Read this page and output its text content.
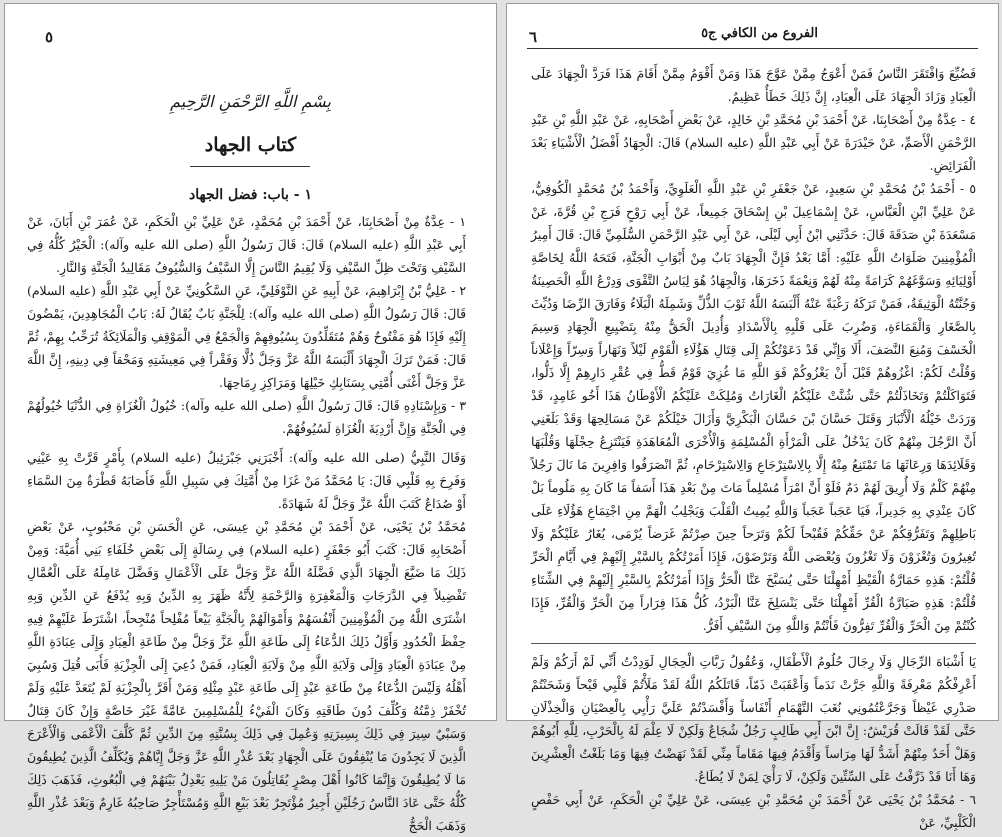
٥
بِسْمِ اللَّهِ الرَّحْمَنِ الرَّحِيمِ
كتاب الجهاد
١ - باب: فضل الجهاد

١ - عِدَّةٌ مِنْ أَصْحَابِنَا، عَنْ أَحْمَدَ بْنِ مُحَمَّدٍ، عَنْ عَلِيِّ بْنِ الْحَكَمِ، عَنْ عُمَرَ بْنِ أَبَانَ، عَنْ أَبِي عَبْدِ اللَّهِ (عليه السلام) قَالَ: قَالَ رَسُولُ اللَّهِ (صلى الله عليه وآله): الْخَيْرُ كُلُّهُ فِي السَّيْفِ وَتَحْتَ ظِلِّ السَّيْفِ وَلَا يُقِيمُ النَّاسَ إِلَّا السَّيْفُ وَالسُّيُوفُ مَقَالِيدُ الْجَنَّةِ وَالنَّارِ.

٢ - عَلِيُّ بْنُ إِبْرَاهِيمَ، عَنْ أَبِيهِ عَنِ النَّوْفَلِيِّ، عَنِ السَّكُونِيِّ عَنْ أَبِي عَبْدِ اللَّهِ (عليه السلام) قَالَ: قَالَ رَسُولُ اللَّهِ (صلى الله عليه وآله): لِلْجَنَّةِ بَابٌ يُقَالُ لَهُ: بَابُ الْمُجَاهِدِينَ، يَمْضُونَ إِلَيْهِ فَإِذَا هُوَ مَفْتُوحٌ وَهُمْ مُتَقَلِّدُونَ بِسُيُوفِهِمْ وَالْجَمْعُ فِي الْمَوْقِفِ وَالْمَلَائِكَةُ تُرَحِّبُ بِهِمْ، ثُمَّ قَالَ: فَمَنْ تَرَكَ الْجِهَادَ أَلْبَسَهُ اللَّهُ عَزَّ وَجَلَّ ذُلًّا وَفَقْراً فِي مَعِيشَتِهِ وَمَحْقاً فِي دِينِهِ، إِنَّ اللَّهَ عَزَّ وَجَلَّ أَغْنَى أُمَّتِي بِسَنَابِكِ خَيْلِهَا وَمَرَاكِزِ رِمَاحِهَا.

٣ - وَبِإِسْنَادِهِ قَالَ: قَالَ رَسُولُ اللَّهِ (صلى الله عليه وآله): خُيُولُ الْغُزَاةِ فِي الدُّنْيَا خُيُولُهُمْ فِي الْجَنَّةِ وَإِنَّ أَرْدِيَةَ الْغُزَاةِ لَسُيُوفُهُمْ.

وَقَالَ النَّبِيُّ (صلى الله عليه وآله): أَخْبَرَنِي جَبْرَئِيلُ (عليه السلام) بِأَمْرٍ قَرَّتْ بِهِ عَيْنِي وَفَرِحَ بِهِ قَلْبِي قَالَ: يَا مُحَمَّدُ مَنْ غَزَا مِنْ أُمَّتِكَ فِي سَبِيلِ اللَّهِ فَأَصَابَهُ قَطْرَةٌ مِنَ السَّمَاءِ أَوْ صُدَاعٌ كَتَبَ اللَّهُ عَزَّ وَجَلَّ لَهُ شَهَادَةً.

مُحَمَّدُ بْنُ يَحْيَى، عَنْ أَحْمَدَ بْنِ مُحَمَّدِ بْنِ عِيسَى، عَنِ الْحَسَنِ بْنِ مَحْبُوبٍ، عَنْ بَعْضِ أَصْحَابِهِ قَالَ: كَتَبَ أَبُو جَعْفَرٍ (عليه السلام) فِي رِسَالَةٍ إِلَى بَعْضِ خُلَفَاءِ بَنِي أُمَيَّةَ: وَمِنْ ذَلِكَ مَا ضَيَّعَ الْجِهَادَ الَّذِي فَضَّلَهُ اللَّهُ عَزَّ وَجَلَّ عَلَى الْأَعْمَالِ وَفَضَّلَ عَامِلَهُ عَلَى الْعُمَّالِ تَفْضِيلاً فِي الدَّرَجَاتِ وَالْمَغْفِرَةِ وَالرَّحْمَةِ لِأَنَّهُ ظَهَرَ بِهِ الدِّينُ وَبِهِ يُدْفَعُ عَنِ الدِّينِ وَبِهِ اشْتَرَى اللَّهُ مِنَ الْمُؤْمِنِينَ أَنْفُسَهُمْ وَأَمْوَالَهُمْ بِالْجَنَّةِ بَيْعاً مُفْلِحاً مُنْجِحاً، اشْتَرَطَ عَلَيْهِمْ فِيهِ حِفْظَ الْحُدُودِ وَأَوَّلُ ذَلِكَ الدُّعَاءُ إِلَى طَاعَةِ اللَّهِ عَزَّ وَجَلَّ مِنْ طَاعَةِ الْعِبَادِ وَإِلَى عِبَادَةِ اللَّهِ مِنْ عِبَادَةِ الْعِبَادِ وَإِلَى وَلَايَةِ اللَّهِ مِنْ وَلَايَةِ الْعِبَادِ، فَمَنْ دُعِيَ إِلَى الْجِزْيَةِ فَأَبَى قُتِلَ وَسُبِيَ أَهْلُهُ وَلَيْسَ الدُّعَاءُ مِنْ طَاعَةِ عَبْدٍ إِلَى طَاعَةِ عَبْدٍ مِثْلِهِ وَمَنْ أَقَرَّ بِالْجِزْيَةِ لَمْ يُتَعَدَّ عَلَيْهِ وَلَمْ تُخْفَرْ ذِمَّتُهُ وَكُلِّفَ دُونَ طَاقَتِهِ وَكَانَ الْفَيْءُ لِلْمُسْلِمِينَ عَامَّةً غَيْرَ خَاصَّةٍ وَإِنْ كَانَ قِتَالٌ وَسَبْيٌ سِيرَ فِي ذَلِكَ بِسِيرَتِهِ وَعُمِلَ فِي ذَلِكَ بِسُنَّتِهِ مِنَ الدِّينِ ثُمَّ كَلَّفَ الْأَعْمَى وَالْأَعْرَجَ الَّذِينَ لَا يَجِدُونَ مَا يُنْفِقُونَ عَلَى الْجِهَادِ بَعْدَ عُذْرِ اللَّهِ عَزَّ وَجَلَّ إِيَّاهُمْ وَيُكَلِّفُ الَّذِينَ يُطِيقُونَ مَا لَا يُطِيقُونَ وَإِنَّمَا كَانُوا أَهْلَ مِصْرٍ يُقَاتِلُونَ مَنْ يَلِيهِ يَعْدِلُ بَيْنَهُمْ فِي الْبُعُوثِ، فَذَهَبَ ذَلِكَ كُلُّهُ حَتَّى عَادَ النَّاسُ رَجُلَيْنِ أَجِيرٌ مُؤْتَجِرٌ بَعْدَ بَيْعِ اللَّهِ وَمُسْتَأْجِرٌ صَاحِبُهُ غَارِمٌ وَبَعْدَ عُذْرِ اللَّهِ وَذَهَبَ الْحَجُّ

٦	الفروع من الكافي ج٥

فَضُيِّعَ وَافْتَقَرَ النَّاسُ فَمَنْ أَعْوَجُ مِمَّنْ عَوَّجَ هَذَا وَمَنْ أَقْوَمُ مِمَّنْ أَقَامَ هَذَا فَرَدَّ الْجِهَادَ عَلَى الْعِبَادِ وَزَادَ الْجِهَادَ عَلَى الْعِبَادِ، إِنَّ ذَلِكَ خَطَأٌ عَظِيمٌ.

٤ - عِدَّةٌ مِنْ أَصْحَابِنَا، عَنْ أَحْمَدَ بْنِ مُحَمَّدِ بْنِ خَالِدٍ، عَنْ بَعْضِ أَصْحَابِهِ، عَنْ عَبْدِ اللَّهِ بْنِ عَبْدِ الرَّحْمَنِ الْأَصَمِّ، عَنْ حَيْدَرَةَ عَنْ أَبِي عَبْدِ اللَّهِ (عليه السلام) قَالَ: الْجِهَادُ أَفْضَلُ الْأَشْيَاءِ بَعْدَ الْفَرَائِضِ.

٥ - أَحْمَدُ بْنُ مُحَمَّدِ بْنِ سَعِيدٍ، عَنْ جَعْفَرِ بْنِ عَبْدِ اللَّهِ الْعَلَوِيِّ، وَأَحْمَدُ بْنُ مُحَمَّدٍ الْكُوفِيُّ، عَنْ عَلِيِّ ابْنِ الْعَبَّاسِ، عَنْ إِسْمَاعِيلَ بْنِ إِسْحَاقَ جَمِيعاً، عَنْ أَبِي رَوْحٍ فَرَجِ بْنِ قُرَّةَ، عَنْ مَسْعَدَةَ بْنِ صَدَقَةَ قَالَ: حَدَّثَنِي ابْنُ أَبِي لَيْلَى، عَنْ أَبِي عَبْدِ الرَّحْمَنِ السُّلَمِيِّ قَالَ: قَالَ أَمِيرُ الْمُؤْمِنِينَ صَلَوَاتُ اللَّهِ عَلَيْهِ: أَمَّا بَعْدُ فَإِنَّ الْجِهَادَ بَابٌ مِنْ أَبْوَابِ الْجَنَّةِ، فَتَحَهُ اللَّهُ لِخَاصَّةِ أَوْلِيَائِهِ وَسَوَّغَهُمْ كَرَامَةً مِنْهُ لَهُمْ وَنِعْمَةً ذَخَرَهَا، وَالْجِهَادُ هُوَ لِبَاسُ التَّقْوَى وَدِرْعُ اللَّهِ الْحَصِينَةُ وَجُنَّتُهُ الْوَثِيقَةُ، فَمَنْ تَرَكَهُ رَغْبَةً عَنْهُ أَلْبَسَهُ اللَّهُ ثَوْبَ الذُّلِّ وَشَمِلَهُ الْبَلَاءُ وَفَارَقَ الرِّضَا وَدُيِّثَ بِالصَّغَارِ وَالْقَمَاءَةِ، وَضُرِبَ عَلَى قَلْبِهِ بِالْأَسْدَادِ وَأُدِيلَ الْحَقُّ مِنْهُ بِتَضْيِيعِ الْجِهَادِ وَسِيمَ الْخَسْفَ وَمُنِعَ النَّصَفَ، أَلَا وَإِنِّي قَدْ دَعَوْتُكُمْ إِلَى قِتَالِ هَؤُلَاءِ الْقَوْمِ لَيْلاً وَنَهَاراً وَسِرّاً وَإِعْلَاناً وَقُلْتُ لَكُمْ: اغْزُوهُمْ قَبْلَ أَنْ يَغْزُوكُمْ فَوَ اللَّهِ مَا غُزِيَ قَوْمٌ قَطُّ فِي عُقْرِ دَارِهِمْ إِلَّا ذَلُّوا، فَتَوَاكَلْتُمْ وَتَخَاذَلْتُمْ حَتَّى شُنَّتْ عَلَيْكُمُ الْغَارَاتُ وَمُلِكَتْ عَلَيْكُمُ الْأَوْطَانُ هَذَا أَخُو غَامِدٍ، قَدْ وَرَدَتْ خَيْلُهُ الْأَنْبَارَ وَقَتَلَ حَسَّانَ بْنَ حَسَّانَ الْبَكْرِيَّ وَأَزَالَ خَيْلَكُمْ عَنْ مَسَالِحِهَا وَقَدْ بَلَغَنِي أَنَّ الرَّجُلَ مِنْهُمْ كَانَ يَدْخُلُ عَلَى الْمَرْأَةِ الْمُسْلِمَةِ وَالْأُخْرَى الْمُعَاهَدَةِ فَيَنْتَزِعُ حِجْلَهَا وَقُلْبَهَا وَقَلَائِدَهَا وَرِعَاثَهَا مَا تَمْتَنِعُ مِنْهُ إِلَّا بِالِاسْتِرْجَاعِ وَالِاسْتِرْحَامِ، ثُمَّ انْصَرَفُوا وَافِرِينَ مَا نَالَ رَجُلاً مِنْهُمْ كَلْمٌ وَلَا أُرِيقَ لَهُمْ دَمٌ فَلَوْ أَنَّ امْرَأً مُسْلِماً مَاتَ مِنْ بَعْدِ هَذَا أَسَفاً مَا كَانَ بِهِ مَلُوماً بَلْ كَانَ عِنْدِي بِهِ جَدِيراً، فَيَا عَجَباً عَجَباً وَاللَّهِ يُمِيتُ الْقَلْبَ وَيَجْلِبُ الْهَمَّ مِنِ اجْتِمَاعِ هَؤُلَاءِ عَلَى بَاطِلِهِمْ وَتَفَرُّقِكُمْ عَنْ حَقِّكُمْ فَقُبْحاً لَكُمْ وَتَرَحاً حِينَ صِرْتُمْ غَرَضاً يُرْمَى، يُغَارُ عَلَيْكُمْ وَلَا تُغِيرُونَ وَتُغْزَوْنَ وَلَا تَغْزُونَ وَيُعْصَى اللَّهُ وَتَرْضَوْنَ، فَإِذَا أَمَرْتُكُمْ بِالسَّيْرِ إِلَيْهِمْ فِي أَيَّامِ الْحَرِّ قُلْتُمْ: هَذِهِ حَمَارَّةُ الْقَيْظِ أَمْهِلْنَا حَتَّى يُسَبَّخَ عَنَّا الْحَرُّ وَإِذَا أَمَرْتُكُمْ بِالسَّيْرِ إِلَيْهِمْ فِي الشِّتَاءِ قُلْتُمْ: هَذِهِ صَبَارَّةُ الْقُرِّ أَمْهِلْنَا حَتَّى يَنْسَلِخَ عَنَّا الْبَرْدُ، كُلُّ هَذَا فِرَاراً مِنَ الْحَرِّ وَالْقُرِّ، فَإِذَا كُنْتُمْ مِنَ الْحَرِّ وَالْقُرِّ تَفِرُّونَ فَأَنْتُمْ وَاللَّهِ مِنَ السَّيْفِ أَفَرُّ.

يَا أَشْبَاهَ الرِّجَالِ وَلَا رِجَالَ حُلُومُ الْأَطْفَالِ، وَعُقُولُ رَبَّاتِ الْحِجَالِ لَوَدِدْتُ أَنِّي لَمْ أَرَكُمْ وَلَمْ أَعْرِفْكُمْ مَعْرِفَةً وَاللَّهِ جَرَّتْ نَدَماً وَأَعْقَبَتْ ذَمّاً، قَاتَلَكُمُ اللَّهُ لَقَدْ مَلَأْتُمْ قَلْبِي قَيْحاً وَشَحَنْتُمْ صَدْرِي غَيْظاً وَجَرَّعْتُمُونِي نُغَبَ التَّهْمَامِ أَنْفَاساً وَأَفْسَدْتُمْ عَلَيَّ رَأْيِي بِالْعِصْيَانِ وَالْخِذْلَانِ حَتَّى لَقَدْ قَالَتْ قُرَيْشٌ: إِنَّ ابْنَ أَبِي طَالِبٍ رَجُلٌ شُجَاعٌ وَلَكِنْ لَا عِلْمَ لَهُ بِالْحَرْبِ، لِلَّهِ أَبُوهُمْ وَهَلْ أَحَدٌ مِنْهُمْ أَشَدُّ لَهَا مِرَاساً وَأَقْدَمُ فِيهَا مَقَاماً مِنِّي لَقَدْ نَهَضْتُ فِيهَا وَمَا بَلَغْتُ الْعِشْرِينَ وَهَا أَنَا قَدْ ذَرَّفْتُ عَلَى السِّتِّينَ وَلَكِنْ، لَا رَأْيَ لِمَنْ لَا يُطَاعُ.

٦ - مُحَمَّدُ بْنُ يَحْيَى عَنْ أَحْمَدَ بْنِ مُحَمَّدِ بْنِ عِيسَى، عَنْ عَلِيِّ بْنِ الْحَكَمِ، عَنْ أَبِي حَفْصٍ الْكَلْبِيِّ، عَنْ
